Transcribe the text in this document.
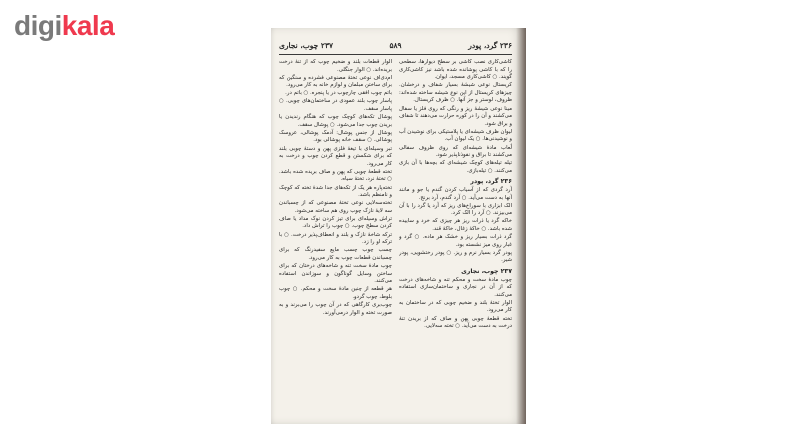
digikala
۲۳۶ گرد، پودر
۵۸۹
۲۳۷ چوب، نجاری

کاشی‌کاری نصب کاشی بر سطح دیوارها، سطحی را که با کاشی پوشانده شده باشد نیز کاشی‌کاری گویند. ○ کاشی‌کاری مسجد، ایوان.

کریستال نوعی شیشهٔ بسیار شفاف و درخشان. چیزهای کریستال از این نوع شیشه ساخته شده‌اند: ظروف، لوستر و جز آنها. ○ ظرف کریستال.

مینا نوعی شیشهٔ ریز و رنگی که روی فلز یا سفال می‌کشند و آن را در کوره حرارت می‌دهند تا شفاف و براق شود.

لیوان ظرف شیشه‌ای یا پلاستیکی برای نوشیدن آب و نوشیدنی‌ها. ○ یک لیوان آب.

لُعاب مادهٔ شیشه‌ای که روی ظروف سفالی می‌کشند تا براق و نفوذناپذیر شود.

تیله تیله‌های کوچک شیشه‌ای که بچه‌ها با آن بازی می‌کنند. ○ تیله‌بازی.

۲۳۶ گرد، پودر

آرد گردی که از آسیاب کردن گندم یا جو و مانند آنها به دست می‌آید. ○ آرد گندم، آرد برنج.

الک ابزاری با سوراخ‌های ریز که آرد یا گرد را با آن می‌بیزند. ○ آرد را الک کرد.

خاکه گرد یا ذرات ریز هر چیزی که خرد و ساییده شده باشد. ○ خاکهٔ زغال، خاکهٔ قند.

گرد ذرات بسیار ریز و خشک هر ماده. ○ گرد و غبار روی میز نشسته بود.

پودر گرد بسیار نرم و ریز. ○ پودر رختشویی، پودر شیر.

۲۳۷ چوب، نجاری

چوب مادهٔ سخت و محکم تنه و شاخه‌های درخت که از آن در نجاری و ساختمان‌سازی استفاده می‌کنند.

الوار تختهٔ بلند و ضخیم چوبی که در ساختمان به کار می‌رود.

تخته قطعهٔ چوبی پهن و صاف که از بریدن تنهٔ درخت به دست می‌آید. ○ تخته سه‌لایی.

الوار قطعات بلند و ضخیم چوب که از تنهٔ درخت بریده‌اند. ○ الوار جنگلی.

ام‌دی‌اف نوعی تختهٔ مصنوعی فشرده و سنگین که برای ساختن مبلمان و لوازم خانه به کار می‌رود.

باتم چوب افقی چارچوب در یا پنجره. ○ باتم در.

پاسار چوب بلند عمودی در ساختمان‌های چوبی. ○ پاسار سقف.

پوشال تکه‌های کوچک چوب که هنگام رندیدن یا بریدن چوب جدا می‌شود. ○ پوشال سقف.

پوشال از جنس پوشال: آدمک پوشالی، عروسک پوشالی. ○ سقف خانه پوشالی بود.

تبر وسیله‌ای با تیغهٔ فلزی پهن و دستهٔ چوبی بلند که برای شکستن و قطع کردن چوب و درخت به کار می‌رود.

تخته قطعهٔ چوبی که پهن و صاف بریده شده باشد. ○ تختهٔ نرد، تختهٔ سیاه.

تخته‌پاره هر یک از تکه‌های جدا شدهٔ تخته که کوچک و نامنظم باشد.

تخته‌سه‌لایی نوعی تختهٔ مصنوعی که از چسباندن سه لایهٔ نازک چوب روی هم ساخته می‌شود.

تراش وسیله‌ای برای تیز کردن نوک مداد یا صاف کردن سطح چوب. ○ چوب را تراش داد.

ترکه شاخهٔ نازک و بلند و انعطاف‌پذیر درخت. ○ با ترکه او را زد.

چسب چوب چسب مایع سفیدرنگ که برای چسباندن قطعات چوب به کار می‌رود.

چوب مادهٔ سخت تنه و شاخه‌های درختان که برای ساختن وسایل گوناگون و سوزاندن استفاده می‌کنند.

هر قطعه از چنین مادهٔ سخت و محکم. ○ چوب بلوط، چوب گردو.

چوب‌بری کارگاهی که در آن چوب را می‌برند و به صورت تخته و الوار درمی‌آورند.
